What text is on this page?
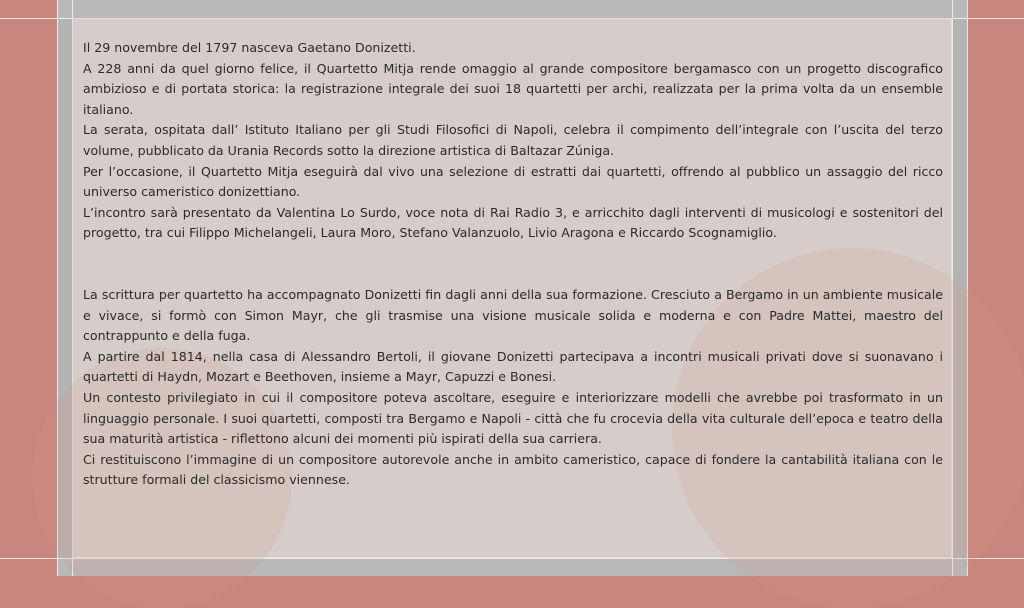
Il 29 novembre del 1797 nasceva Gaetano Donizetti.

A 228 anni da quel giorno felice, il Quartetto Mitja rende omaggio al grande compositore bergamasco con un progetto discografico ambizioso e di portata storica: la registrazione integrale dei suoi 18 quartetti per archi, realizzata per la prima volta da un ensemble italiano.

La serata, ospitata dall’ Istituto Italiano per gli Studi Filosofici di Napoli, celebra il compimento dell’integrale con l’uscita del terzo volume, pubblicato da Urania Records sotto la direzione artistica di Baltazar Zúniga.

Per l’occasione, il Quartetto Mitja eseguirà dal vivo una selezione di estratti dai quartetti, offrendo al pubblico un assaggio del ricco universo cameristico donizettiano.

L’incontro sarà presentato da Valentina Lo Surdo, voce nota di Rai Radio 3, e arricchito dagli interventi di musicologi e sostenitori del progetto, tra cui Filippo Michelangeli, Laura Moro, Stefano Valanzuolo, Livio Aragona e Riccardo Scognamiglio.

La scrittura per quartetto ha accompagnato Donizetti fin dagli anni della sua formazione. Cresciuto a Bergamo in un ambiente musicale e vivace, si formò con Simon Mayr, che gli trasmise una visione musicale solida e moderna e con Padre Mattei, maestro del contrappunto e della fuga.

A partire dal 1814, nella casa di Alessandro Bertoli, il giovane Donizetti partecipava a incontri musicali privati dove si suonavano i quartetti di Haydn, Mozart e Beethoven, insieme a Mayr, Capuzzi e Bonesi.

Un contesto privilegiato in cui il compositore poteva ascoltare, eseguire e interiorizzare modelli che avrebbe poi trasformato in un linguaggio personale. I suoi quartetti, composti tra Bergamo e Napoli - città che fu crocevia della vita culturale dell’epoca e teatro della sua maturità artistica - riflettono alcuni dei momenti più ispirati della sua carriera.

Ci restituiscono l’immagine di un compositore autorevole anche in ambito cameristico, capace di fondere la cantabilità italiana con le strutture formali del classicismo viennese.
